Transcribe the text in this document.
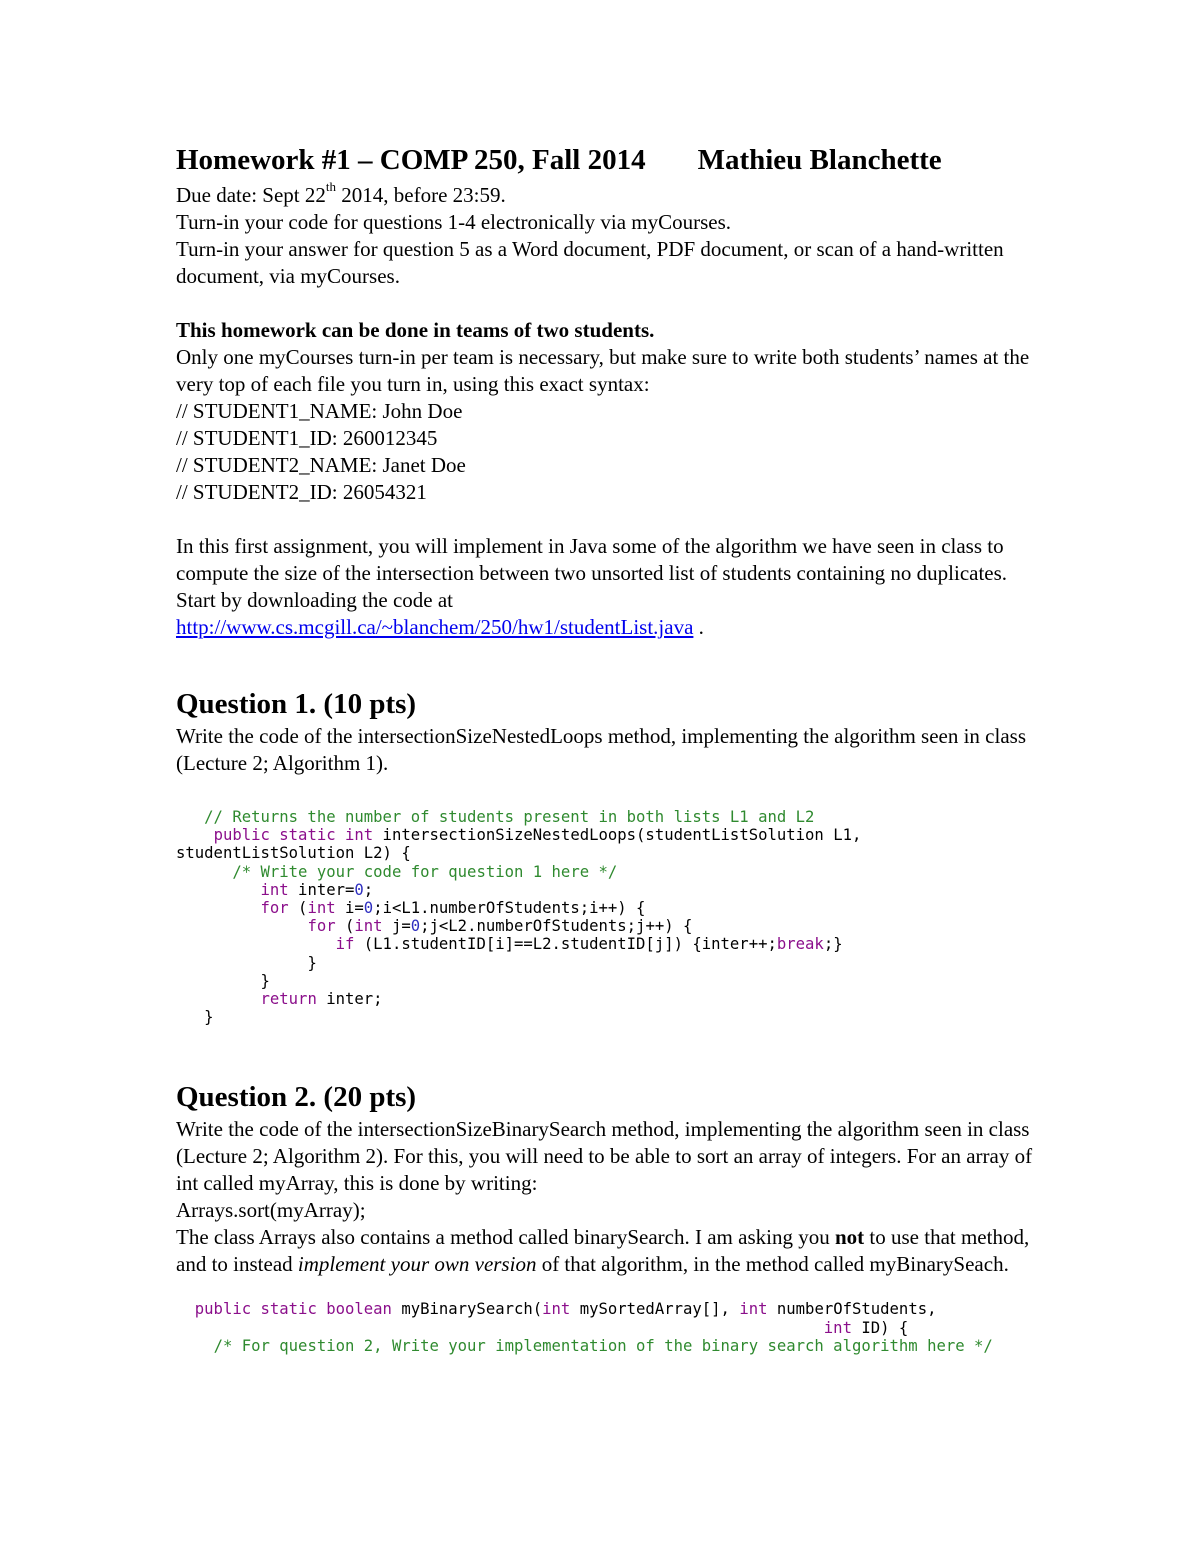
Homework #1 – COMP 250, Fall 2014 Mathieu Blanchette

Due date: Sept 22th 2014, before 23:59.

Turn-in your code for questions 1-4 electronically via myCourses.

Turn-in your answer for question 5 as a Word document, PDF document, or scan of a hand-written document, via myCourses.

This homework can be done in teams of two students.

Only one myCourses turn-in per team is necessary, but make sure to write both students’ names at the very top of each file you turn in, using this exact syntax:

// STUDENT1_NAME: John Doe

// STUDENT1_ID: 260012345

// STUDENT2_NAME: Janet Doe

// STUDENT2_ID: 26054321

In this first assignment, you will implement in Java some of the algorithm we have seen in class to compute the size of the intersection between two unsorted list of students containing no duplicates. Start by downloading the code at
http://www.cs.mcgill.ca/~blanchem/250/hw1/studentList.java .

Question 1. (10 pts)

Write the code of the intersectionSizeNestedLoops method, implementing the algorithm seen in class (Lecture 2; Algorithm 1).

// Returns the number of students present in both lists L1 and L2
public static int intersectionSizeNestedLoops(studentListSolution L1,
studentListSolution L2) {
/* Write your code for question 1 here */
int inter=0;
for (int i=0;i<L1.numberOfStudents;i++) {
for (int j=0;j<L2.numberOfStudents;j++) {
if (L1.studentID[i]==L2.studentID[j]) {inter++;break;}
}
}
return inter;
}
Question 2. (20 pts)

Write the code of the intersectionSizeBinarySearch method, implementing the algorithm seen in class (Lecture 2; Algorithm 2). For this, you will need to be able to sort an array of integers. For an array of int called myArray, this is done by writing:

Arrays.sort(myArray);

The class Arrays also contains a method called binarySearch. I am asking you not to use that method, and to instead implement your own version of that algorithm, in the method called myBinarySeach.

public static boolean myBinarySearch(int mySortedArray[], int numberOfStudents,
int ID) {
/* For question 2, Write your implementation of the binary search algorithm here */
